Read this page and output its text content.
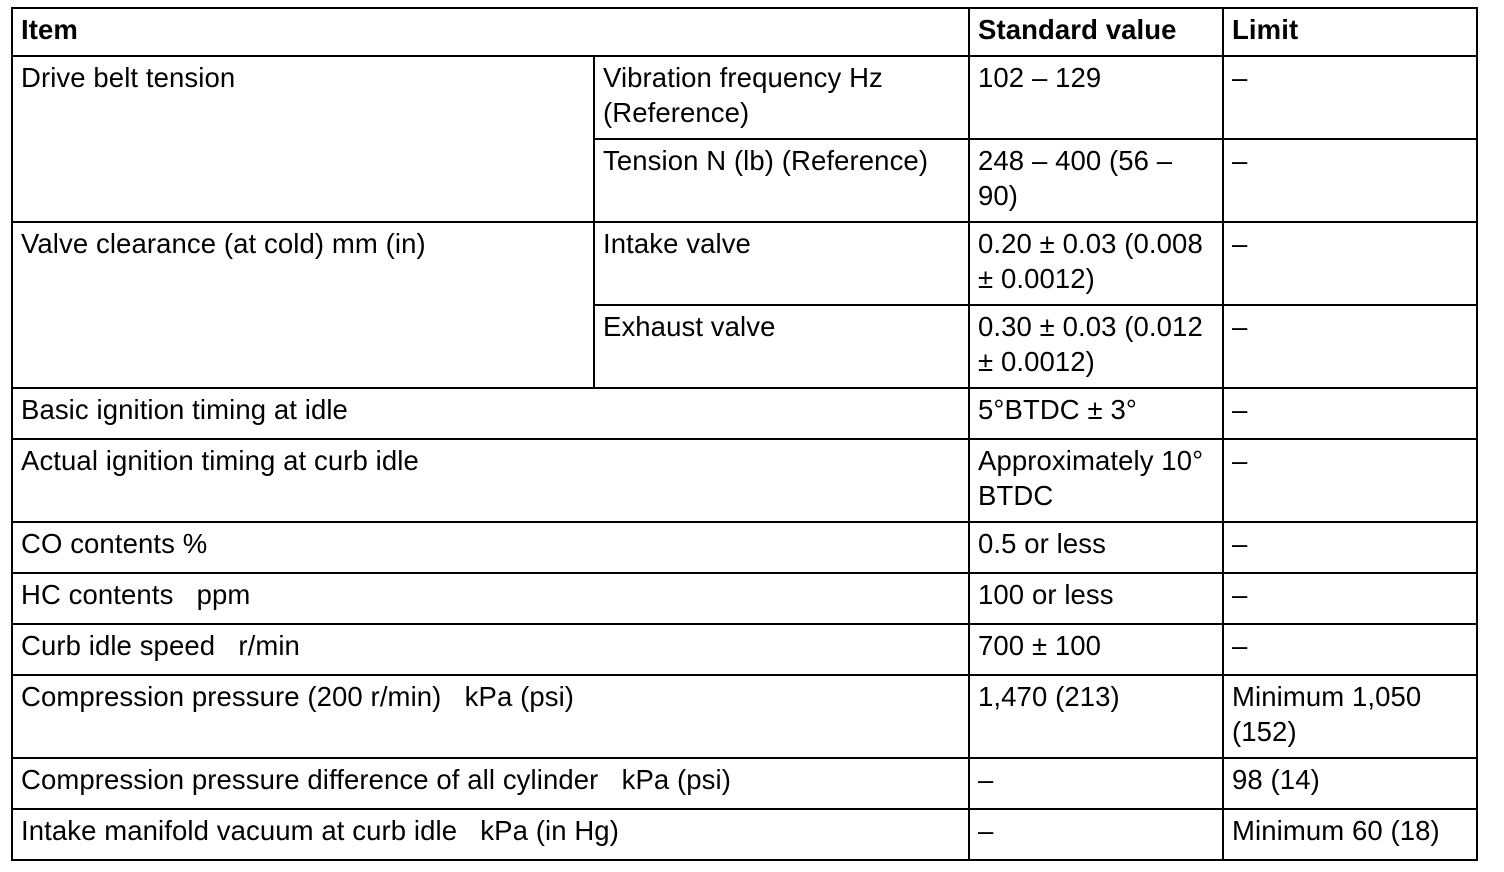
Item		Standard value	Limit
Drive belt tension	Vibration frequency Hz (Reference)	102 – 129	–
	Tension N (lb) (Reference)	248 – 400 (56 – 90)	–
Valve clearance (at cold) mm (in)	Intake valve	0.20 ± 0.03 (0.008 ± 0.0012)	–
	Exhaust valve	0.30 ± 0.03 (0.012 ± 0.0012)	–
Basic ignition timing at idle		5°BTDC ± 3°	–
Actual ignition timing at curb idle		Approximately 10° BTDC	–
CO contents %		0.5 or less	–
HC contents   ppm		100 or less	–
Curb idle speed   r/min		700 ± 100	–
Compression pressure (200 r/min)   kPa (psi)		1,470 (213)	Minimum 1,050 (152)
Compression pressure difference of all cylinder   kPa (psi)		–	98 (14)
Intake manifold vacuum at curb idle   kPa (in Hg)		–	Minimum 60 (18)
